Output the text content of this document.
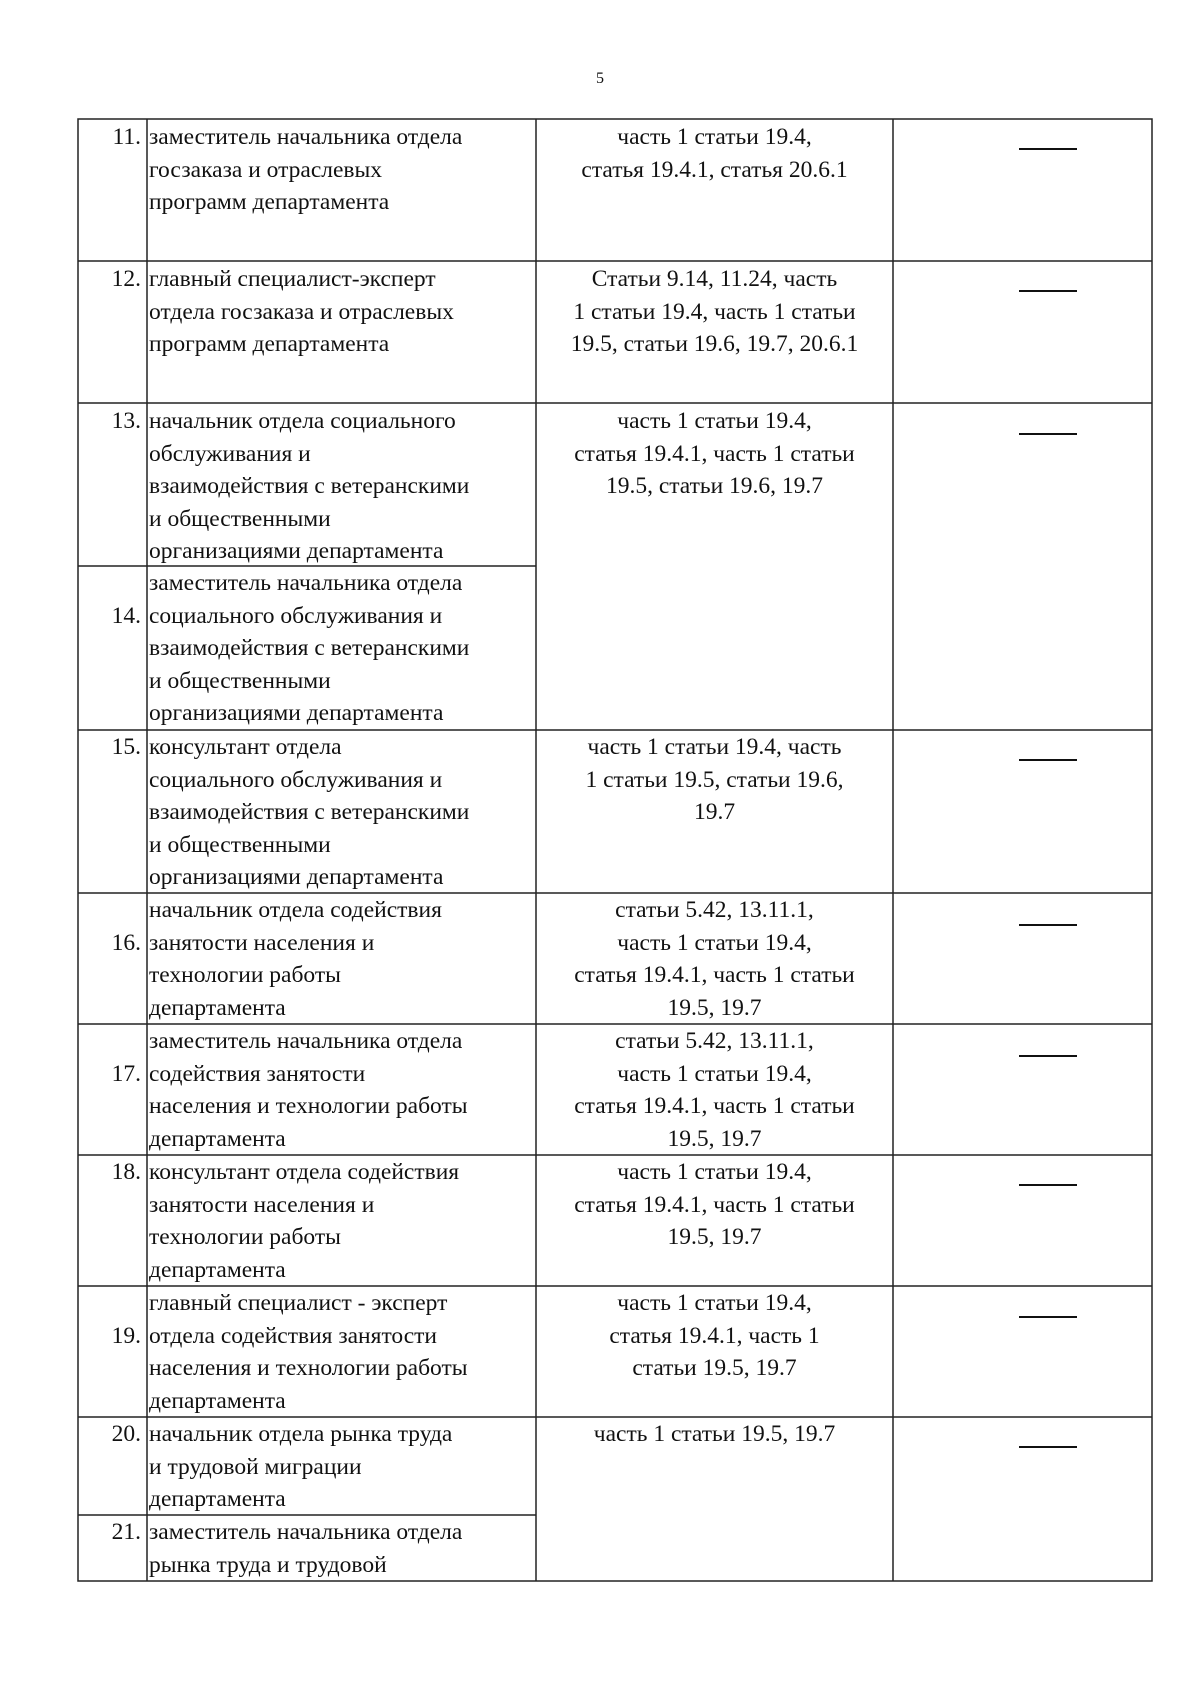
5
11. заместитель начальника отдела
госзаказа и отраслевых
программ департамента
часть 1 статьи 19.4,
статья 19.4.1, статья 20.6.1
12. главный специалист-эксперт
отдела госзаказа и отраслевых
программ департамента
Статьи 9.14, 11.24, часть
1 статьи 19.4, часть 1 статьи
19.5, статьи 19.6, 19.7, 20.6.1
13. начальник отдела социального
обслуживания и
взаимодействия с ветеранскими
и общественными
организациями департамента
часть 1 статьи 19.4,
статья 19.4.1, часть 1 статьи
19.5, статьи 19.6, 19.7
14.
заместитель начальника отдела
социального обслуживания и
взаимодействия с ветеранскими
и общественными
организациями департамента
15. консультант отдела
социального обслуживания и
взаимодействия с ветеранскими
и общественными
организациями департамента
часть 1 статьи 19.4, часть
1 статьи 19.5, статьи 19.6,
19.7
16.
начальник отдела содействия
занятости населения и
технологии работы
департамента
статьи 5.42, 13.11.1,
часть 1 статьи 19.4,
статья 19.4.1, часть 1 статьи
19.5, 19.7
17.
заместитель начальника отдела
содействия занятости
населения и технологии работы
департамента
статьи 5.42, 13.11.1,
часть 1 статьи 19.4,
статья 19.4.1, часть 1 статьи
19.5, 19.7
18. консультант отдела содействия
занятости населения и
технологии работы
департамента
часть 1 статьи 19.4,
статья 19.4.1, часть 1 статьи
19.5, 19.7
19.
главный специалист - эксперт
отдела содействия занятости
населения и технологии работы
департамента
часть 1 статьи 19.4,
статья 19.4.1, часть 1
статьи 19.5, 19.7
20. начальник отдела рынка труда
и трудовой миграции
департамента
часть 1 статьи 19.5, 19.7
21. заместитель начальника отдела
рынка труда и трудовой
